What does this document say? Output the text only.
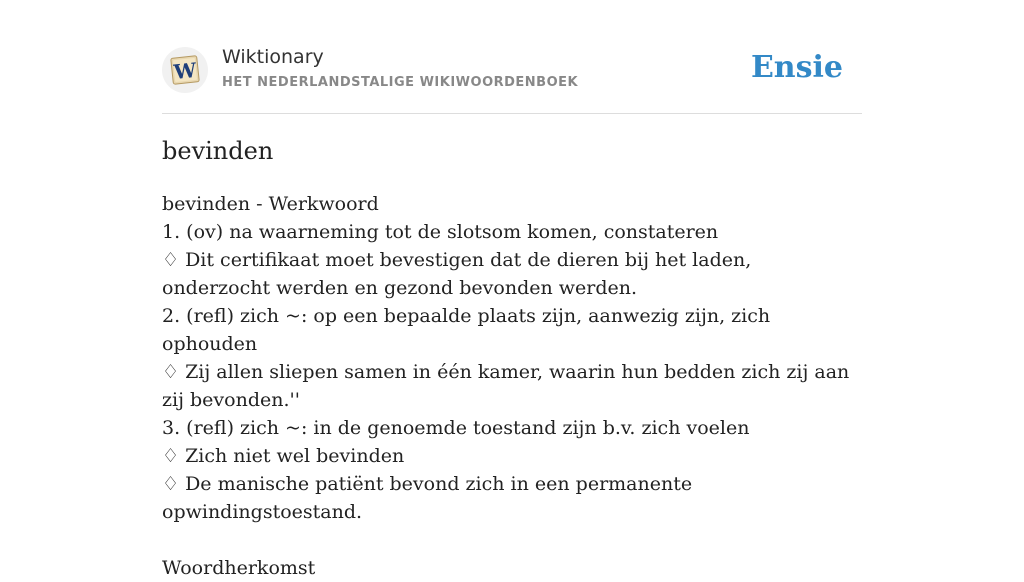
W
Wiktionary
HET NEDERLANDSTALIGE WIKIWOORDENBOEK	Ensie
bevinden
bevinden - Werkwoord
1. (ov) na waarneming tot de slotsom komen, constateren
♢ Dit certifikaat moet bevestigen dat de dieren bij het laden, onderzocht werden en gezond bevonden werden.
2. (refl) zich ~: op een bepaalde plaats zijn, aanwezig zijn, zich ophouden
♢ Zij allen sliepen samen in één kamer, waarin hun bedden zich zij aan zij bevonden.''
3. (refl) zich ~: in de genoemde toestand zijn b.v. zich voelen
♢ Zich niet wel bevinden
♢ De manische patiënt bevond zich in een permanente opwindingstoestand.
Woordherkomst
